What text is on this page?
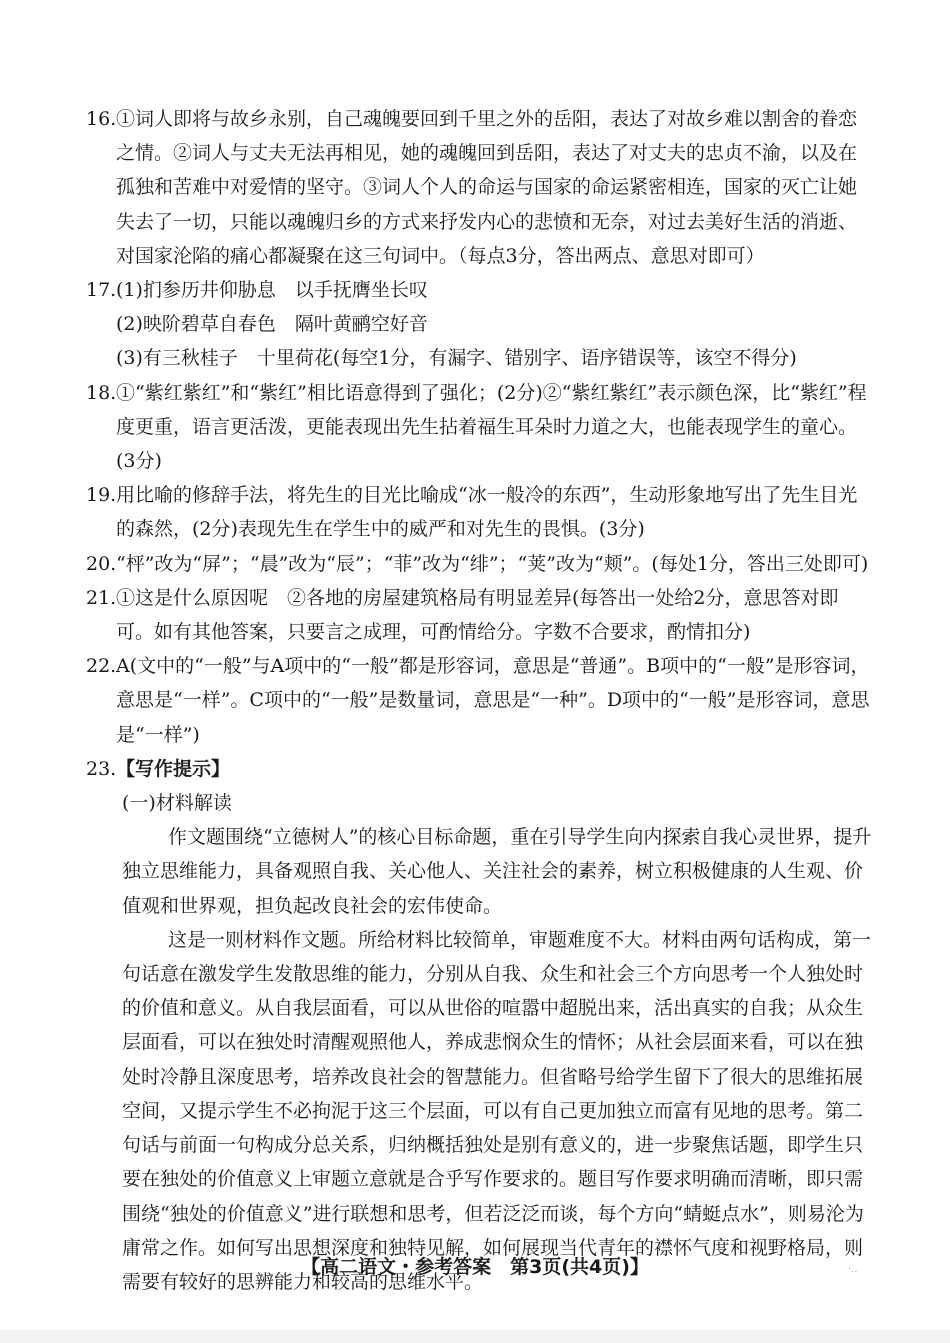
16. ①词人即将与故乡永别，自己魂魄要回到千里之外的岳阳，表达了对故乡难以割舍的眷恋之情。②词人与丈夫无法再相见，她的魂魄回到岳阳，表达了对丈夫的忠贞不渝，以及在孤独和苦难中对爱情的坚守。③词人个人的命运与国家的命运紧密相连，国家的灭亡让她失去了一切，只能以魂魄归乡的方式来抒发内心的悲愤和无奈，对过去美好生活的消逝、对国家沦陷的痛心都凝聚在这三句词中。（每点3分，答出两点、意思对即可）

17. (1)扪参历井仰胁息　以手抚膺坐长叹

(2)映阶碧草自春色　隔叶黄鹂空好音

(3)有三秋桂子　十里荷花(每空1分，有漏字、错别字、语序错误等，该空不得分)

18. ①“紫红紫红”和“紫红”相比语意得到了强化；(2分)②“紫红紫红”表示颜色深，比“紫红”程度更重，语言更活泼，更能表现出先生拈着福生耳朵时力道之大，也能表现学生的童心。(3分)

19. 用比喻的修辞手法，将先生的目光比喻成“冰一般冷的东西”，生动形象地写出了先生目光的森然，(2分)表现先生在学生中的威严和对先生的畏惧。(3分)

20. “枰”改为“屏”；“晨”改为“辰”；“菲”改为“绯”；“荚”改为“颊”。(每处1分，答出三处即可)

21. ①这是什么原因呢　②各地的房屋建筑格局有明显差异(每答出一处给2分，意思答对即可。如有其他答案，只要言之成理，可酌情给分。字数不合要求，酌情扣分)

22. A(文中的“一般”与A项中的“一般”都是形容词，意思是“普通”。B项中的“一般”是形容词，意思是“一样”。C项中的“一般”是数量词，意思是“一种”。D项中的“一般”是形容词，意思是“一样”)

23. 【写作提示】

(一)材料解读

作文题围绕“立德树人”的核心目标命题，重在引导学生向内探索自我心灵世界，提升独立思维能力，具备观照自我、关心他人、关注社会的素养，树立积极健康的人生观、价值观和世界观，担负起改良社会的宏伟使命。

这是一则材料作文题。所给材料比较简单，审题难度不大。材料由两句话构成，第一句话意在激发学生发散思维的能力，分别从自我、众生和社会三个方向思考一个人独处时的价值和意义。从自我层面看，可以从世俗的喧嚣中超脱出来，活出真实的自我；从众生层面看，可以在独处时清醒观照他人，养成悲悯众生的情怀；从社会层面来看，可以在独处时冷静且深度思考，培养改良社会的智慧能力。但省略号给学生留下了很大的思维拓展空间，又提示学生不必拘泥于这三个层面，可以有自己更加独立而富有见地的思考。第二句话与前面一句构成分总关系，归纳概括独处是别有意义的，进一步聚焦话题，即学生只要在独处的价值意义上审题立意就是合乎写作要求的。题目写作要求明确而清晰，即只需围绕“独处的价值意义”进行联想和思考，但若泛泛而谈，每个方向“蜻蜓点水”，则易沦为庸常之作。如何写出思想深度和独特见解，如何展现当代青年的襟怀气度和视野格局，则需要有较好的思辨能力和较高的思维水平。

【高二语文・参考答案　第3页(共4页)】	·..
